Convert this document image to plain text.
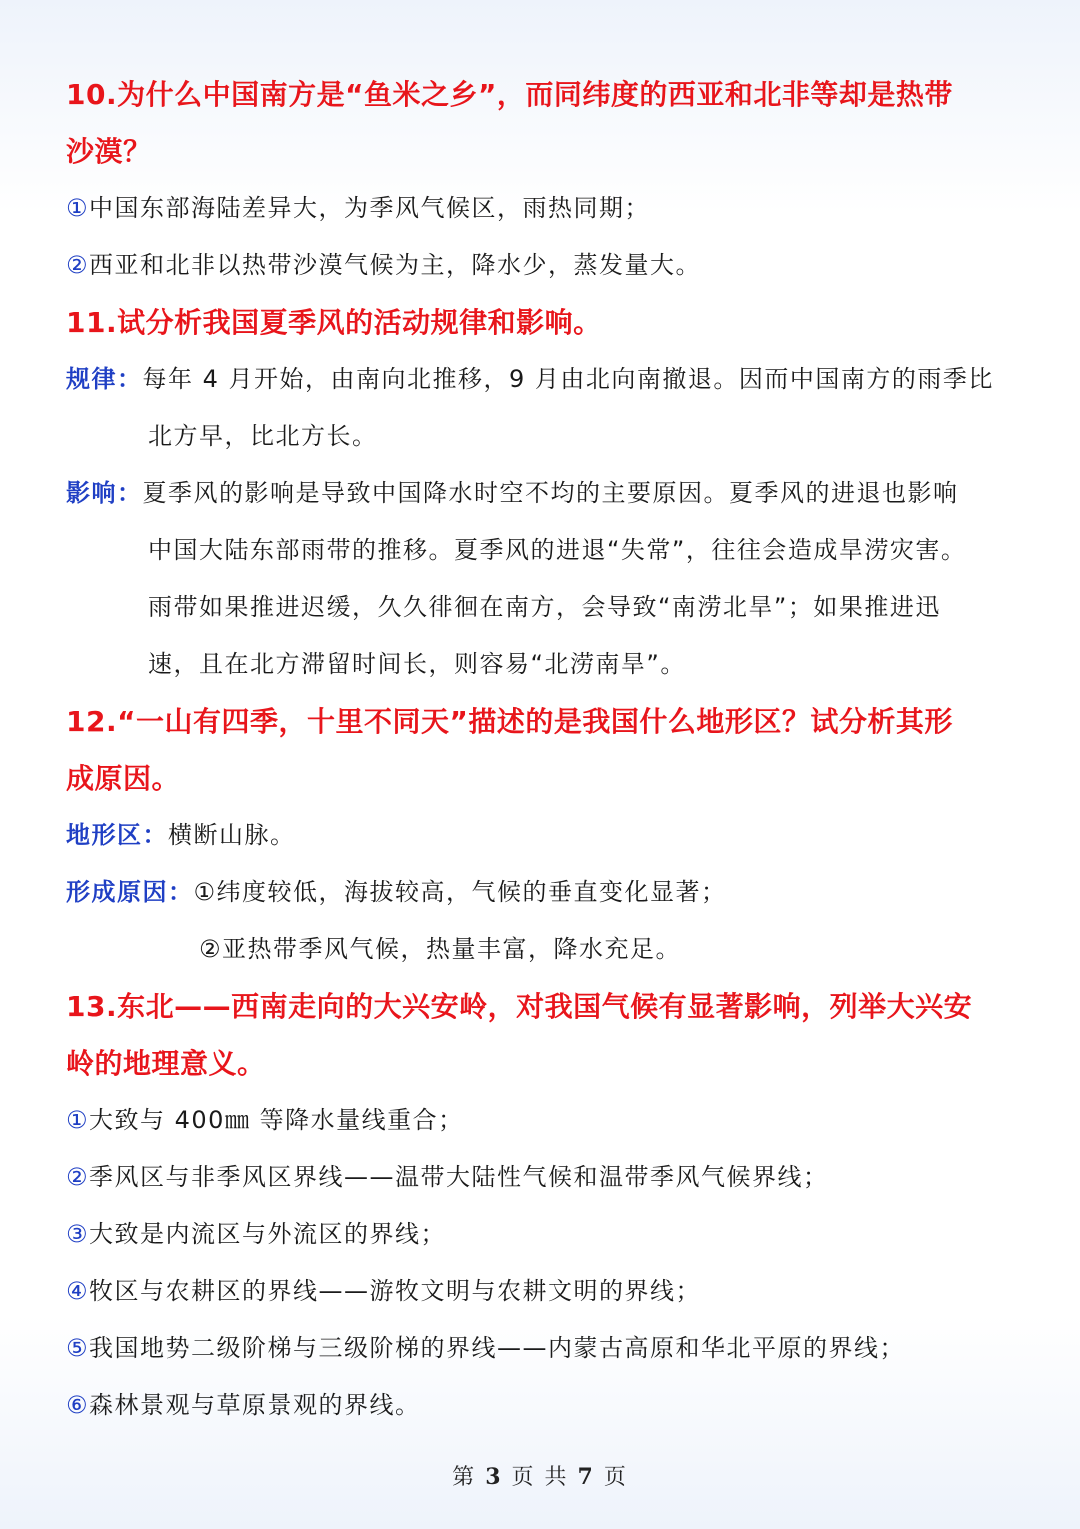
10.为什么中国南方是“鱼米之乡”，而同纬度的西亚和北非等却是热带
沙漠？
①中国东部海陆差异大，为季风气候区，雨热同期；
②西亚和北非以热带沙漠气候为主，降水少，蒸发量大。
11.试分析我国夏季风的活动规律和影响。
规律：每年 4 月开始，由南向北推移，9 月由北向南撤退。因而中国南方的雨季比
北方早，比北方长。
影响：夏季风的影响是导致中国降水时空不均的主要原因。夏季风的进退也影响
中国大陆东部雨带的推移。夏季风的进退“失常”，往往会造成旱涝灾害。
雨带如果推进迟缓，久久徘徊在南方，会导致“南涝北旱”；如果推进迅
速，且在北方滞留时间长，则容易“北涝南旱”。
12.“一山有四季，十里不同天”描述的是我国什么地形区？试分析其形
成原因。
地形区：横断山脉。
形成原因：①纬度较低，海拔较高，气候的垂直变化显著；
②亚热带季风气候，热量丰富，降水充足。
13.东北——西南走向的大兴安岭，对我国气候有显著影响，列举大兴安
岭的地理意义。
①大致与 400㎜ 等降水量线重合；
②季风区与非季风区界线——温带大陆性气候和温带季风气候界线；
③大致是内流区与外流区的界线；
④牧区与农耕区的界线——游牧文明与农耕文明的界线；
⑤我国地势二级阶梯与三级阶梯的界线——内蒙古高原和华北平原的界线；
⑥森林景观与草原景观的界线。
第 3 页 共 7 页
